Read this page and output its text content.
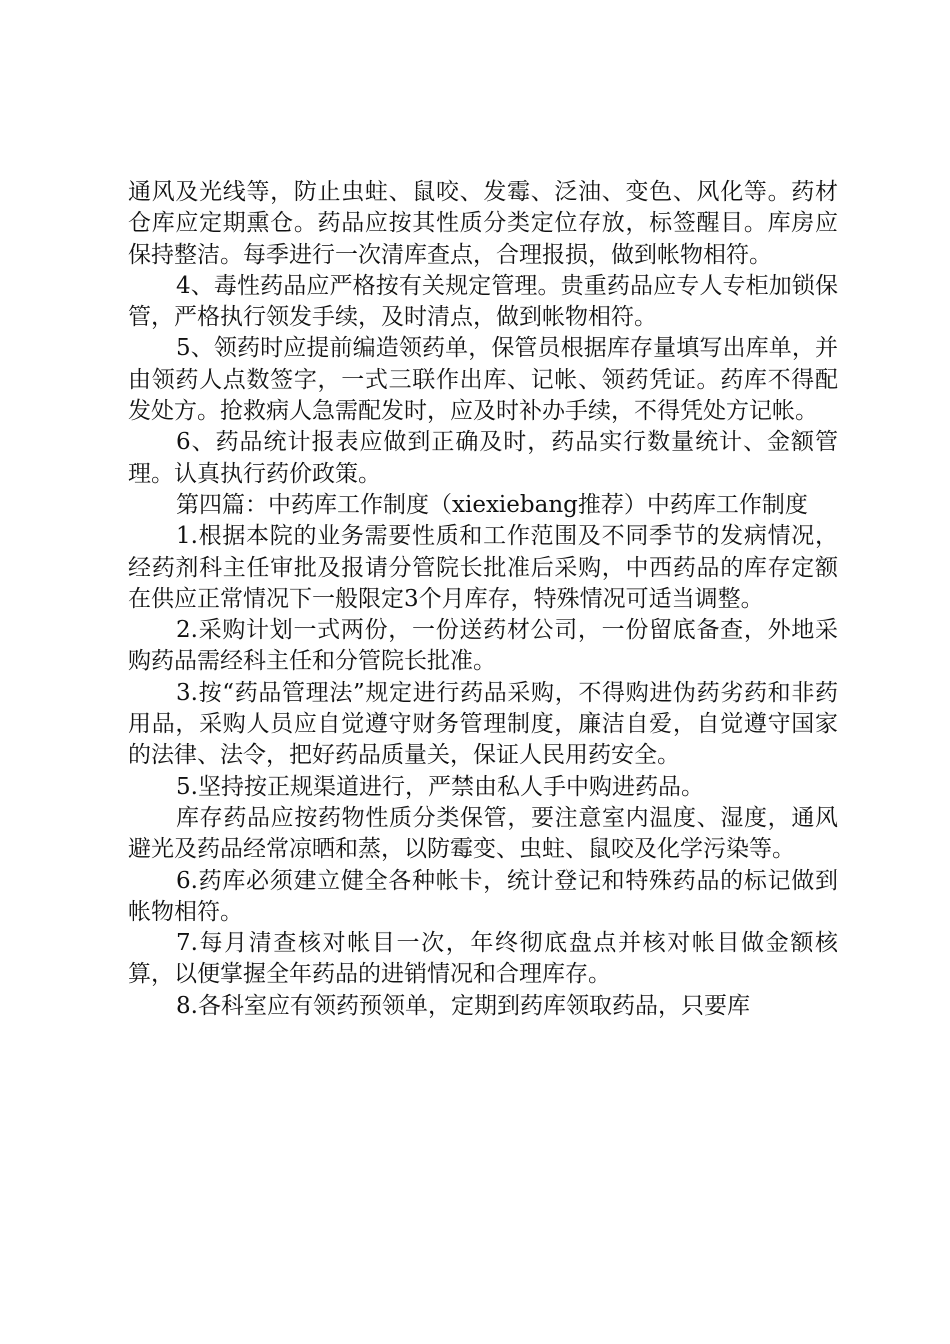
通风及光线等，防止虫蛀、鼠咬、发霉、泛油、变色、风化等。药材仓库应定期熏仓。药品应按其性质分类定位存放，标签醒目。库房应保持整洁。每季进行一次清库查点，合理报损，做到帐物相符。

4、毒性药品应严格按有关规定管理。贵重药品应专人专柜加锁保管，严格执行领发手续，及时清点，做到帐物相符。

5、领药时应提前编造领药单，保管员根据库存量填写出库单，并由领药人点数签字，一式三联作出库、记帐、领药凭证。药库不得配发处方。抢救病人急需配发时，应及时补办手续，不得凭处方记帐。

6、药品统计报表应做到正确及时，药品实行数量统计、金额管理。认真执行药价政策。

第四篇：中药库工作制度（xiexiebang推荐）中药库工作制度

1.根据本院的业务需要性质和工作范围及不同季节的发病情况，经药剂科主任审批及报请分管院长批准后采购，中西药品的库存定额在供应正常情况下一般限定3个月库存，特殊情况可适当调整。

2.采购计划一式两份，一份送药材公司，一份留底备查，外地采购药品需经科主任和分管院长批准。

3.按“药品管理法”规定进行药品采购，不得购进伪药劣药和非药用品，采购人员应自觉遵守财务管理制度，廉洁自爱，自觉遵守国家的法律、法令，把好药品质量关，保证人民用药安全。

5.坚持按正规渠道进行，严禁由私人手中购进药品。

库存药品应按药物性质分类保管，要注意室内温度、湿度，通风避光及药品经常凉晒和蒸，以防霉变、虫蛀、鼠咬及化学污染等。

6.药库必须建立健全各种帐卡，统计登记和特殊药品的标记做到帐物相符。

7.每月清查核对帐目一次，年终彻底盘点并核对帐目做金额核算，以便掌握全年药品的进销情况和合理库存。

8.各科室应有领药预领单，定期到药库领取药品，只要库
